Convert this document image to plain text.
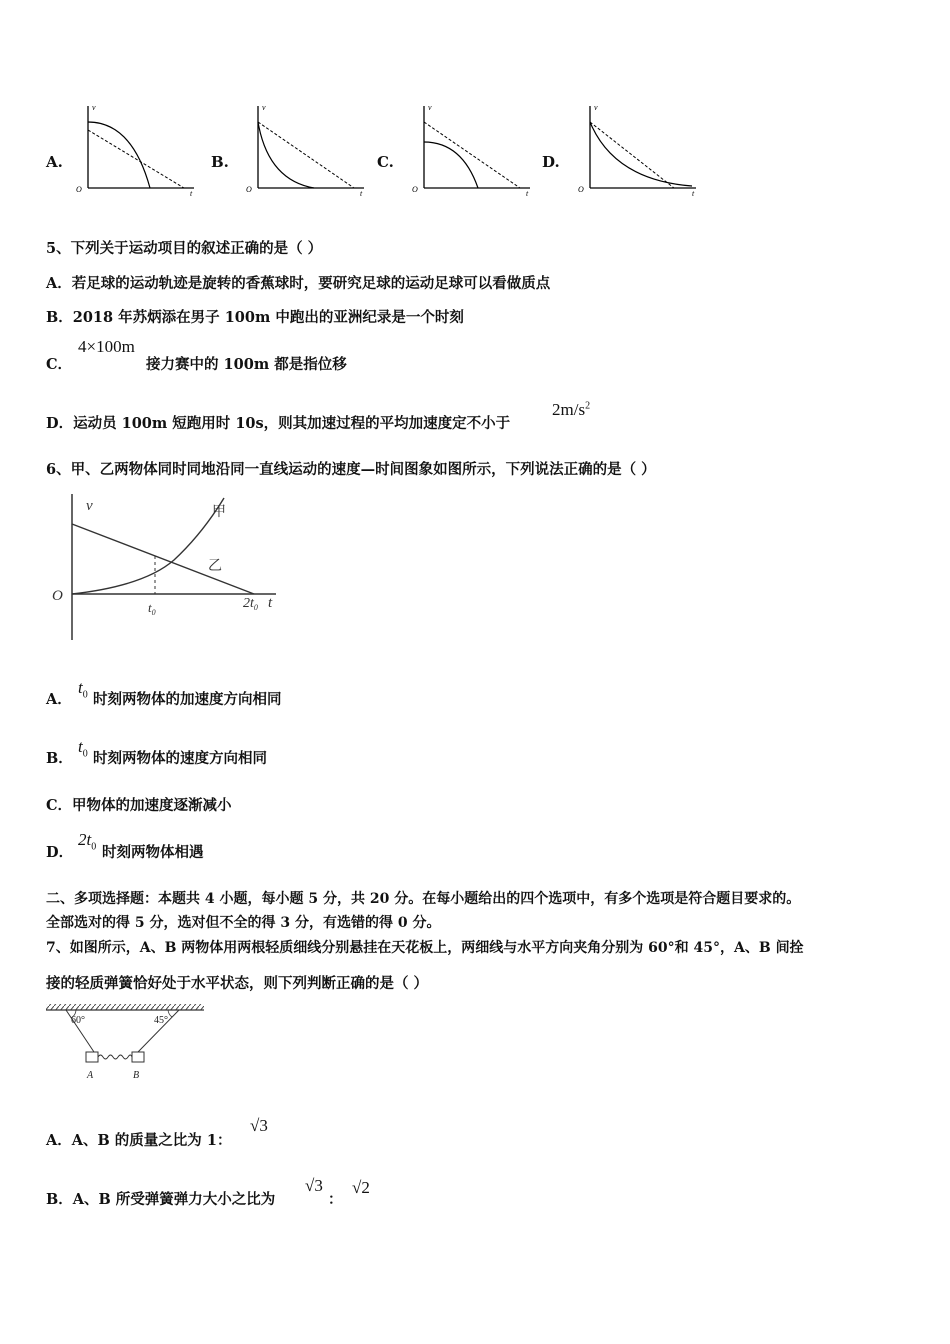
A.
v
t
O
B.
v
t
O
C.
v
t
O
D.
v
t
O
5、下列关于运动项目的叙述正确的是（ ）
A．若足球的运动轨迹是旋转的香蕉球时，要研究足球的运动足球可以看做质点
B．2018 年苏炳添在男子 100m 中跑出的亚洲纪录是一个时刻
C．
4×100m
接力赛中的 100m 都是指位移
D．运动员 100m 短跑用时 10s，则其加速过程的平均加速度定不小于
$2m/s^2$
6、甲、乙两物体同时同地沿同一直线运动的速度—时间图象如图所示，下列说法正确的是（ ）
v
O	t
甲
乙
$t_0$
$2t_0$
A．
$t_0$ 时刻两物体的加速度方向相同
B．
$t_0$ 时刻两物体的速度方向相同
C．甲物体的加速度逐渐减小
D．
$2t_0$ 时刻两物体相遇
二、多项选择题：本题共 4 小题，每小题 5 分，共 20 分。在每小题给出的四个选项中，有多个选项是符合题目要求的。
全部选对的得 5 分，选对但不全的得 3 分，有选错的得 0 分。
7、如图所示，A、B 两物体用两根轻质细线分别悬挂在天花板上，两细线与水平方向夹角分别为 60°和 45°，A、B 间拴
接的轻质弹簧恰好处于水平状态，则下列判断正确的是（ ）
60°	45°
A	B
A．A、B 的质量之比为 1：
√3
B．A、B 所受弹簧弹力大小之比为
√3
：
√2
